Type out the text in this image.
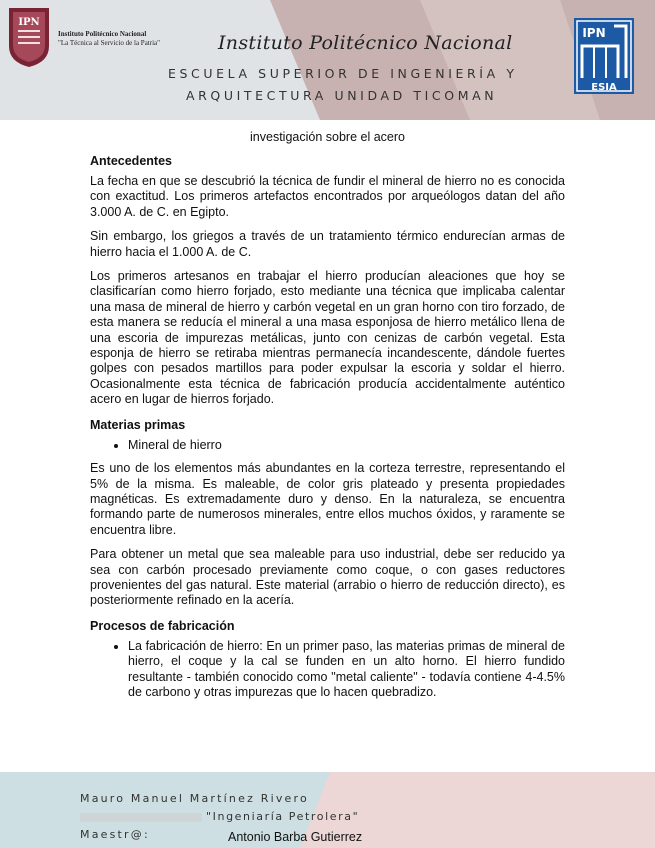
IPN
Instituto Politécnico Nacional
"La Técnica al Servicio de la Patria"	Instituto Politécnico Nacional
ESCUELA SUPERIOR DE INGENIERÍA Y
ARQUITECTURA UNIDAD TICOMAN
IPN
ESIA
investigación sobre el acero
Antecedentes

La fecha en que se descubrió la técnica de fundir el mineral de hierro no es conocida con exactitud. Los primeros artefactos encontrados por arqueólogos datan del año 3.000 A. de C. en Egipto.

Sin embargo, los griegos a través de un tratamiento térmico endurecían armas de hierro hacia el 1.000 A. de C.

Los primeros artesanos en trabajar el hierro producían aleaciones que hoy se clasificarían como hierro forjado, esto mediante una técnica que implicaba calentar una masa de mineral de hierro y carbón vegetal en un gran horno con tiro forzado, de esta manera se reducía el mineral a una masa esponjosa de hierro metálico llena de una escoria de impurezas metálicas, junto con cenizas de carbón vegetal. Esta esponja de hierro se retiraba mientras permanecía incandescente, dándole fuertes golpes con pesados martillos para poder expulsar la escoria y soldar el hierro. Ocasionalmente esta técnica de fabricación producía accidentalmente auténtico acero en lugar de hierros forjado.

Materias primas
• Mineral de hierro

Es uno de los elementos más abundantes en la corteza terrestre, representando el 5% de la misma. Es maleable, de color gris plateado y presenta propiedades magnéticas. Es extremadamente duro y denso. En la naturaleza, se encuentra formando parte de numerosos minerales, entre ellos muchos óxidos, y raramente se encuentra libre.

Para obtener un metal que sea maleable para uso industrial, debe ser reducido ya sea con carbón procesado previamente como coque, o con gases reductores provenientes del gas natural. Este material (arrabio o hierro de reducción directo), es posteriormente refinado en la acería.

Procesos de fabricación
• La fabricación de hierro: En un primer paso, las materias primas de mineral de hierro, el coque y la cal se funden en un alto horno. El hierro fundido resultante - también conocido como "metal caliente" - todavía contiene 4-4.5% de carbono y otras impurezas que lo hacen quebradizo.
Mauro Manuel Martínez Rivero
"Ingeniaría Petrolera"
Maestr@:	Antonio Barba Gutierrez
